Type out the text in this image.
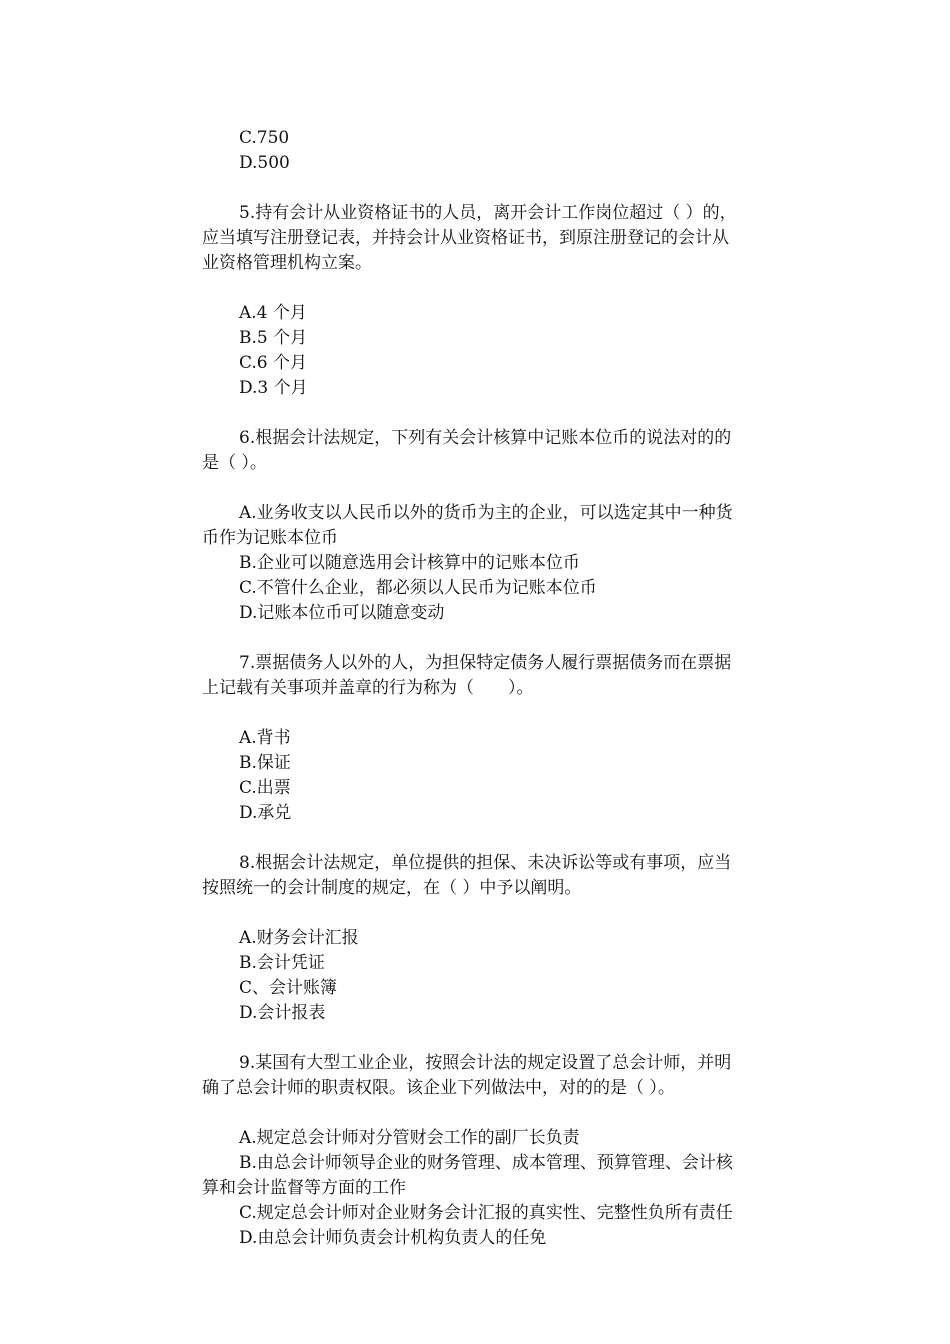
C.750
D.500
5.持有会计从业资格证书的人员，离开会计工作岗位超过（ ）的，
应当填写注册登记表，并持会计从业资格证书，到原注册登记的会计从
业资格管理机构立案。
A.4 个月
B.5 个月
C.6 个月
D.3 个月
6.根据会计法规定，下列有关会计核算中记账本位币的说法对的的
是（ ）。
A.业务收支以人民币以外的货币为主的企业，可以选定其中一种货
币作为记账本位币
B.企业可以随意选用会计核算中的记账本位币
C.不管什么企业，都必须以人民币为记账本位币
D.记账本位币可以随意变动
7.票据债务人以外的人，为担保特定债务人履行票据债务而在票据
上记载有关事项并盖章的行为称为（　　）。
A.背书
B.保证
C.出票
D.承兑
8.根据会计法规定，单位提供的担保、未决诉讼等或有事项，应当
按照统一的会计制度的规定，在（ ）中予以阐明。
A.财务会计汇报
B.会计凭证
C、会计账簿
D.会计报表
9.某国有大型工业企业，按照会计法的规定设置了总会计师，并明
确了总会计师的职责权限。该企业下列做法中，对的的是（ ）。
A.规定总会计师对分管财会工作的副厂长负责
B.由总会计师领导企业的财务管理、成本管理、预算管理、会计核
算和会计监督等方面的工作
C.规定总会计师对企业财务会计汇报的真实性、完整性负所有责任
D.由总会计师负责会计机构负责人的任免
